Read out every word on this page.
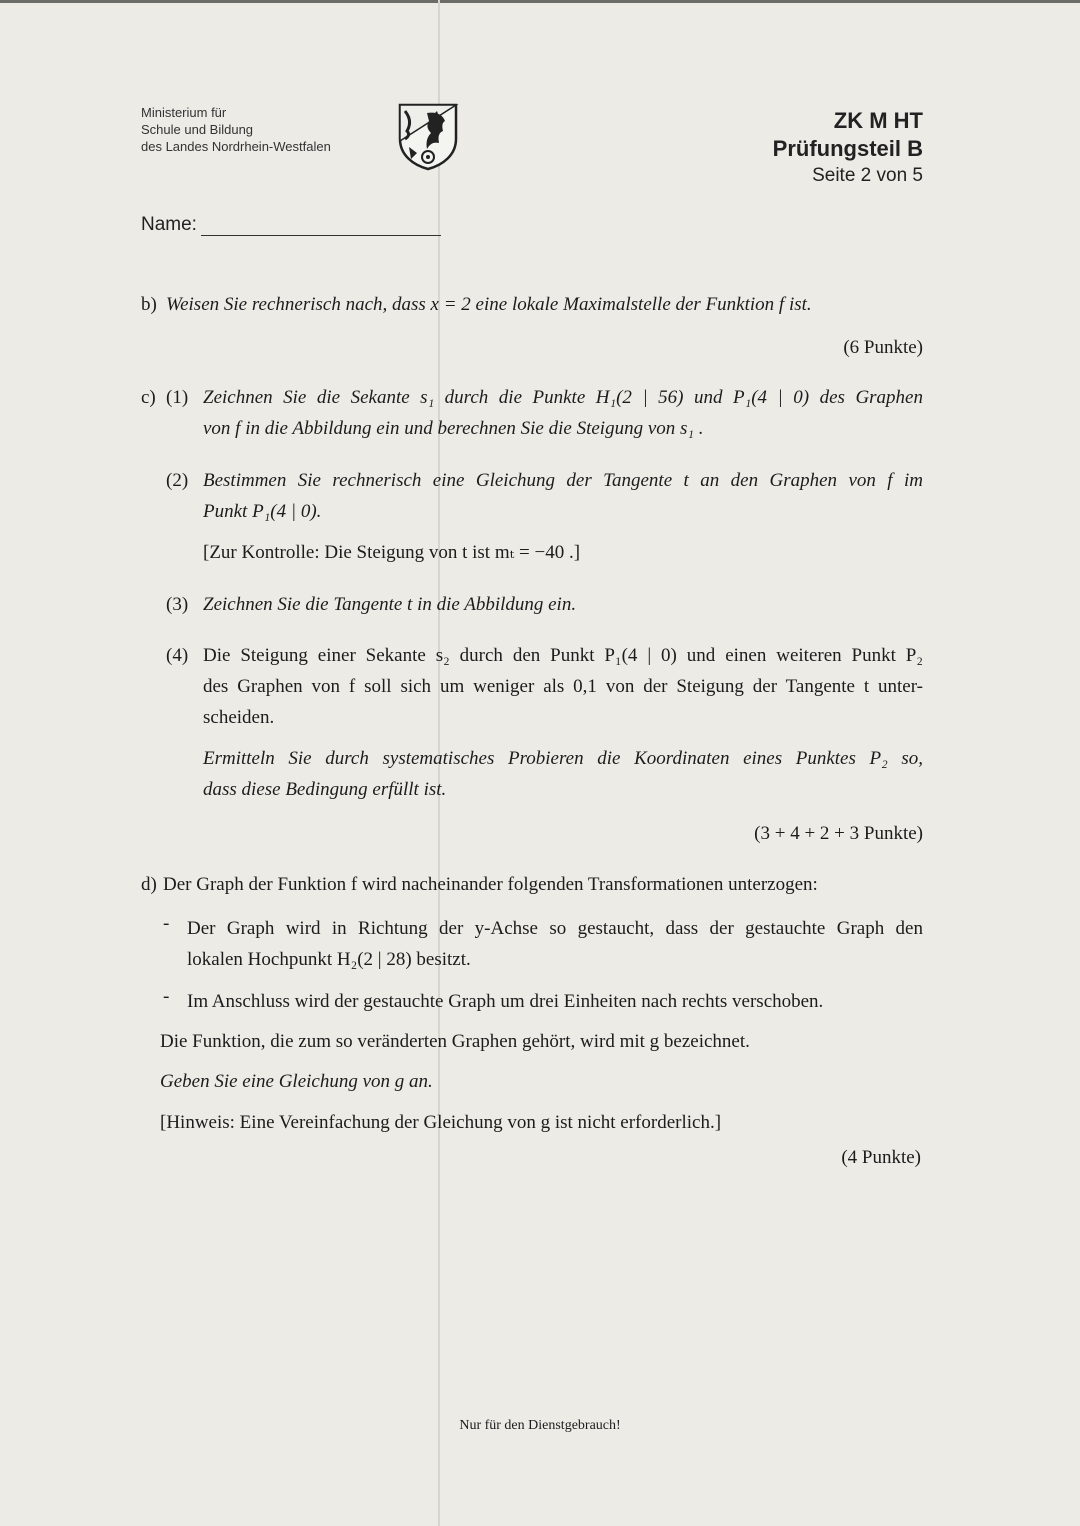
Ministerium für
Schule und Bildung
des Landes Nordrhein-Westfalen
ZK M HT
Prüfungsteil B
Seite 2 von 5
Name:
b) Weisen Sie rechnerisch nach, dass x = 2 eine lokale Maximalstelle der Funktion f ist.
(6 Punkte)
c) (1) Zeichnen Sie die Sekante s₁ durch die Punkte H₁(2 | 56) und P₁(4 | 0) des Graphen
von f in die Abbildung ein und berechnen Sie die Steigung von s₁ .
(2) Bestimmen Sie rechnerisch eine Gleichung der Tangente t an den Graphen von f im
Punkt P₁(4 | 0).
[Zur Kontrolle: Die Steigung von t ist mₜ = −40 .]
(3) Zeichnen Sie die Tangente t in die Abbildung ein.
(4) Die Steigung einer Sekante s₂ durch den Punkt P₁(4 | 0) und einen weiteren Punkt P₂
des Graphen von f soll sich um weniger als 0,1 von der Steigung der Tangente t unter-
scheiden.
Ermitteln Sie durch systematisches Probieren die Koordinaten eines Punktes P₂ so,
dass diese Bedingung erfüllt ist.
(3 + 4 + 2 + 3 Punkte)
d) Der Graph der Funktion f wird nacheinander folgenden Transformationen unterzogen:
- Der Graph wird in Richtung der y-Achse so gestaucht, dass der gestauchte Graph den
lokalen Hochpunkt H₂(2 | 28) besitzt.
- Im Anschluss wird der gestauchte Graph um drei Einheiten nach rechts verschoben.
Die Funktion, die zum so veränderten Graphen gehört, wird mit g bezeichnet.
Geben Sie eine Gleichung von g an.
[Hinweis: Eine Vereinfachung der Gleichung von g ist nicht erforderlich.]
(4 Punkte)
Nur für den Dienstgebrauch!
